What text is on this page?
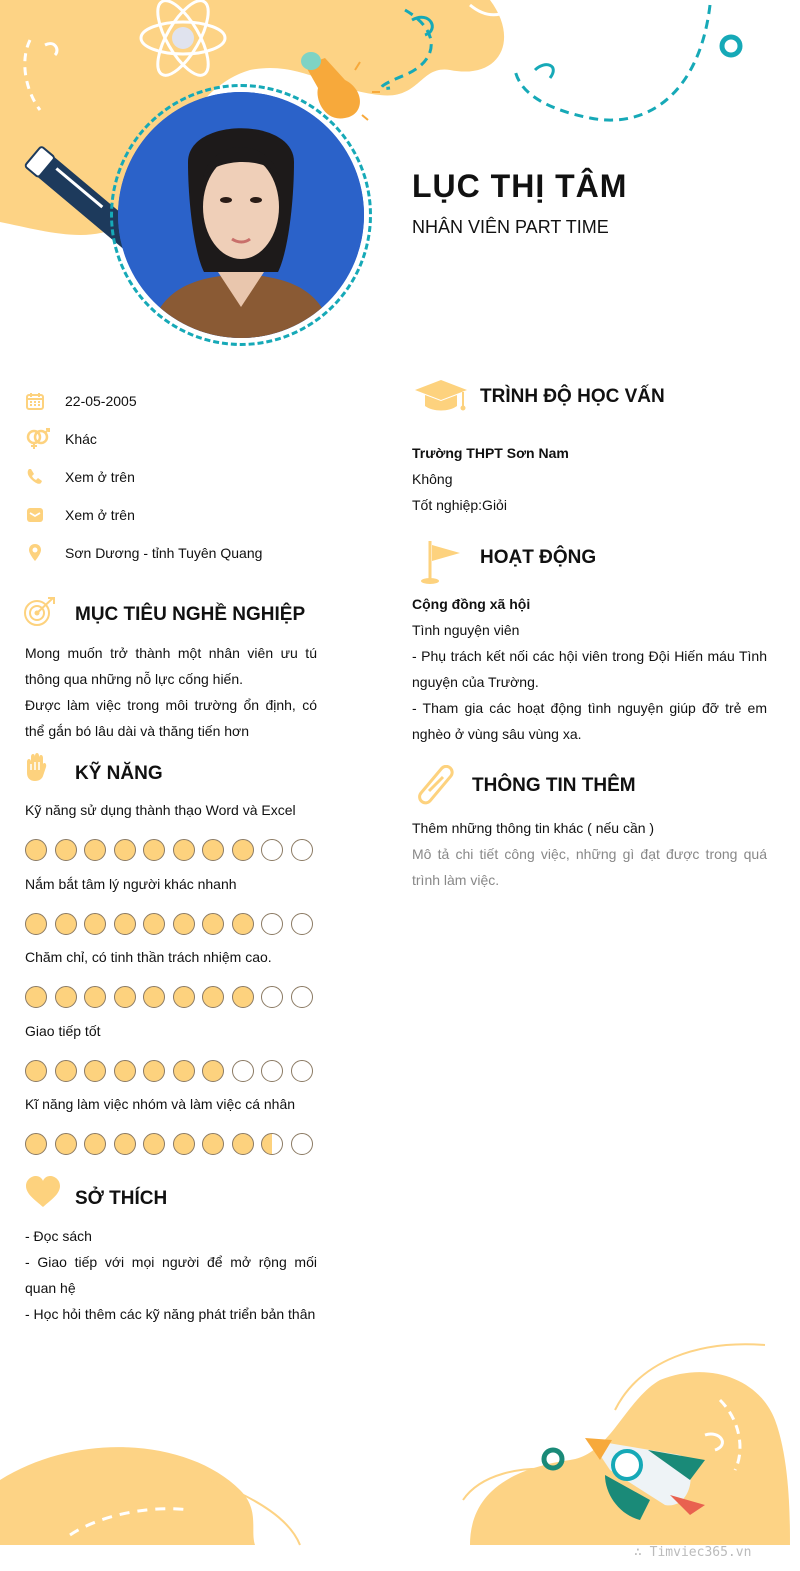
LỤC THỊ TÂM
NHÂN VIÊN PART TIME
22-05-2005
Khác
Xem ở trên
Xem ở trên
Sơn Dương - tỉnh Tuyên Quang
MỤC TIÊU NGHỀ NGHIỆP
Mong muốn trở thành một nhân viên ưu tú thông qua những nỗ lực cống hiến.
Được làm việc trong môi trường ổn định, có thể gắn bó lâu dài và thăng tiến hơn
KỸ NĂNG
Kỹ năng sử dụng thành thạo Word và Excel
Nắm bắt tâm lý người khác nhanh
Chăm chỉ, có tinh thần trách nhiệm cao.
Giao tiếp tốt
Kĩ năng làm việc nhóm và làm việc cá nhân
SỞ THÍCH
- Đọc sách
- Giao tiếp với mọi người để mở rộng mối quan hệ
- Học hỏi thêm các kỹ năng phát triển bản thân
TRÌNH ĐỘ HỌC VẤN
Trường THPT Sơn Nam
Không
Tốt nghiệp:Giỏi
HOẠT ĐỘNG
Cộng đồng xã hội
Tình nguyện viên
- Phụ trách kết nối các hội viên trong Đội Hiến máu Tình nguyện của Trường.
- Tham gia các hoạt động tình nguyện giúp đỡ trẻ em nghèo ở vùng sâu vùng xa.
THÔNG TIN THÊM
Thêm những thông tin khác ( nếu cần )
Mô tả chi tiết công việc, những gì đạt được trong quá trình làm việc.
∴ Timviec365.vn
